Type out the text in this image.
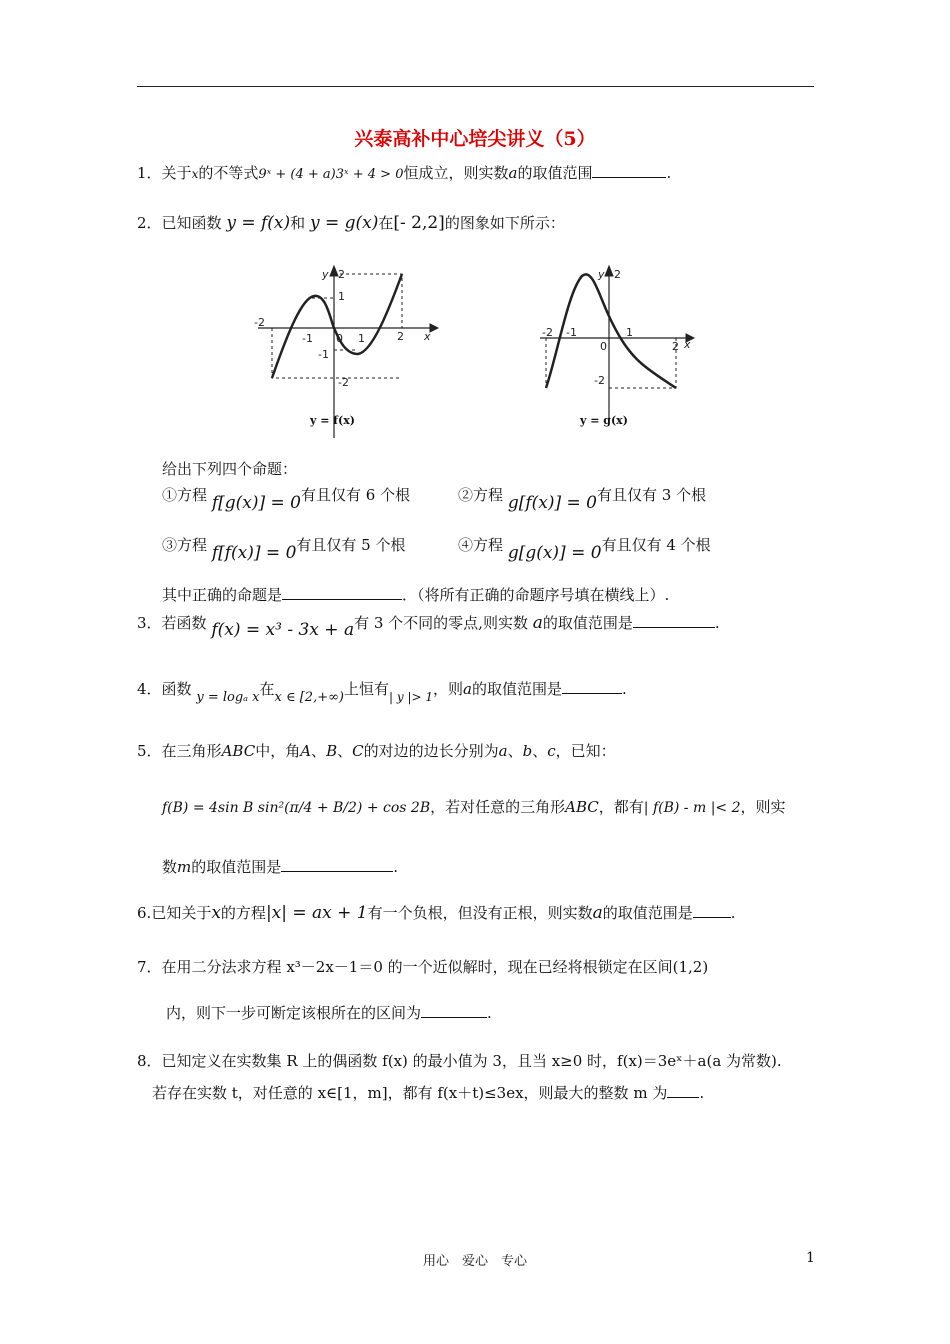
兴泰高补中心培尖讲义（5）
1．关于x的不等式9ˣ + (4 + a)3ˣ + 4 > 0恒成立，则实数a的取值范围	.
2．已知函数 y = f(x)和 y = g(x)在[- 2,2]的图象如下所示：
-2
-1 0 1	2 x
y 2
1
-1
-2
y = f(x)
-2 -1
0
1
2 x
y 2
-2
y = g(x)
给出下列四个命题：
①方程 f[g(x)] = 0有且仅有 6 个根	②方程 g[f(x)] = 0有且仅有 3 个根
③方程 f[f(x)] = 0有且仅有 5 个根	④方程 g[g(x)] = 0有且仅有 4 个根
其中正确的命题是	．（将所有正确的命题序号填在横线上）.
3．若函数 f(x) = x³ - 3x + a有 3 个不同的零点,则实数 a的取值范围是	.
4．函数 y = logₐ x在x ∈ [2,+∞)上恒有$_{| y |> 1}$，则a的取值范围是	.
5．在三角形ABC中，角A、B、C的对边的边长分别为a、b、c，已知：
f(B) = 4sin B sin²(π/4 + B/2) + cos 2B，若对任意的三角形ABC，都有| f(B) - m |< 2，则实
数m的取值范围是	.
6.已知关于x的方程|x| = ax + 1有一个负根，但没有正根，则实数a的取值范围是	.
7．在用二分法求方程 x³－2x－1＝0 的一个近似解时，现在已经将根锁定在区间(1,2)
内，则下一步可断定该根所在的区间为	.
8．已知定义在实数集 R 上的偶函数 f(x) 的最小值为 3，且当 x≥0 时，f(x)＝3eˣ＋a(a 为常数).
若存在实数 t，对任意的 x∈[1，m]，都有 f(x＋t)≤3ex，则最大的整数 m 为 .
用心　爱心　专心	1
